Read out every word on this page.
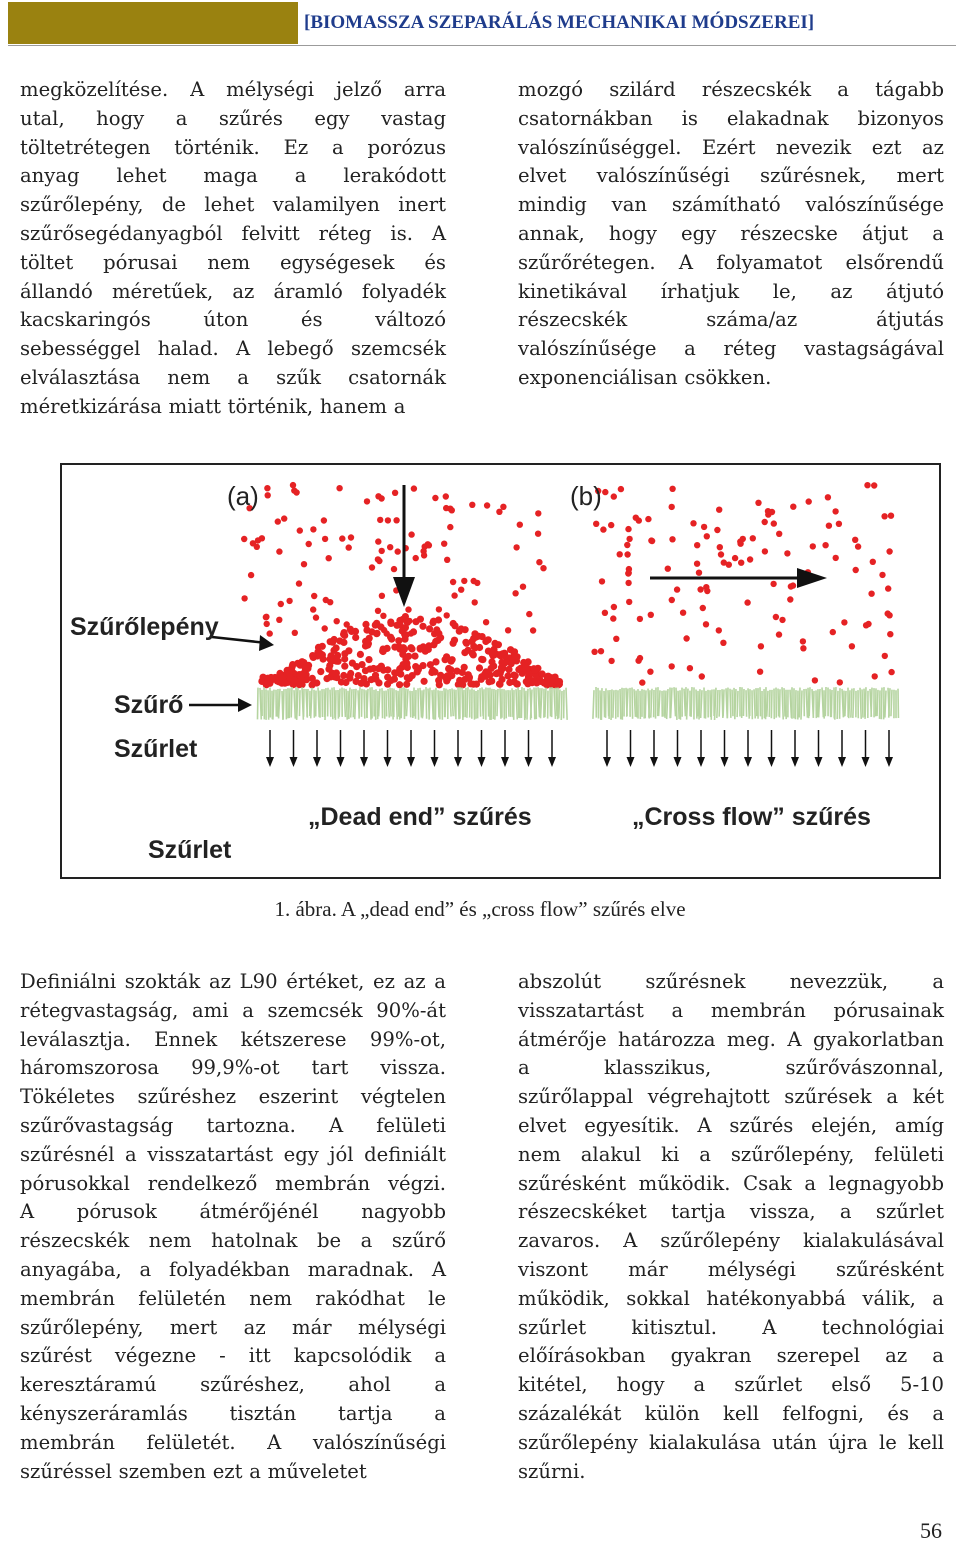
[BIOMASSZA SZEPARÁLÁS MECHANIKAI MÓDSZEREI]
megközelítése. A mélységi jelző arra
utal, hogy a szűrés egy vastag
töltetrétegen történik. Ez a porózus
anyag lehet maga a lerakódott
szűrőlepény, de lehet valamilyen inert
szűrősegédanyagból felvitt réteg is. A
töltet pórusai nem egységesek és
állandó méretűek, az áramló folyadék
kacskaringós úton és változó
sebességgel halad. A lebegő szemcsék
elválasztása nem a szűk csatornák
méretkizárása miatt történik, hanem a
mozgó szilárd részecskék a tágabb
csatornákban is elakadnak bizonyos
valószínűséggel. Ezért nevezik ezt az
elvet valószínűségi szűrésnek, mert
mindig van számítható valószínűsége
annak, hogy egy részecske átjut a
szűrőrétegen. A folyamatot elsőrendű
kinetikával írhatjuk le, az átjutó
részecskék száma/az átjutás
valószínűsége a réteg vastagságával
exponenciálisan csökken.
(a)	(b)
Szűrőlepény
Szűrő
Szűrlet
Szűrlet
„Dead end” szűrés	„Cross flow” szűrés
1. ábra. A „dead end” és „cross flow” szűrés elve
Definiálni szokták az L90 értéket, ez az a
rétegvastagság, ami a szemcsék 90%-át
leválasztja. Ennek kétszerese 99%-ot,
háromszorosa 99,9%-ot tart vissza.
Tökéletes szűréshez eszerint végtelen
szűrővastagság tartozna. A felületi
szűrésnél a visszatartást egy jól definiált
pórusokkal rendelkező membrán végzi.
A pórusok átmérőjénél nagyobb
részecskék nem hatolnak be a szűrő
anyagába, a folyadékban maradnak. A
membrán felületén nem rakódhat le
szűrőlepény, mert az már mélységi
szűrést végezne - itt kapcsolódik a
keresztáramú szűréshez, ahol a
kényszeráramlás tisztán tartja a
membrán felületét. A valószínűségi
szűréssel szemben ezt a műveletet
abszolút szűrésnek nevezzük, a
visszatartást a membrán pórusainak
átmérője határozza meg. A gyakorlatban
a klasszikus, szűrővászonnal,
szűrőlappal végrehajtott szűrések a két
elvet egyesítik. A szűrés elején, amíg
nem alakul ki a szűrőlepény, felületi
szűrésként működik. Csak a legnagyobb
részecskéket tartja vissza, a szűrlet
zavaros. A szűrőlepény kialakulásával
viszont már mélységi szűrésként
működik, sokkal hatékonyabbá válik, a
szűrlet kitisztul. A technológiai
előírásokban gyakran szerepel az a
kitétel, hogy a szűrlet első 5-10
százalékát külön kell felfogni, és a
szűrőlepény kialakulása után újra le kell
szűrni.
56
